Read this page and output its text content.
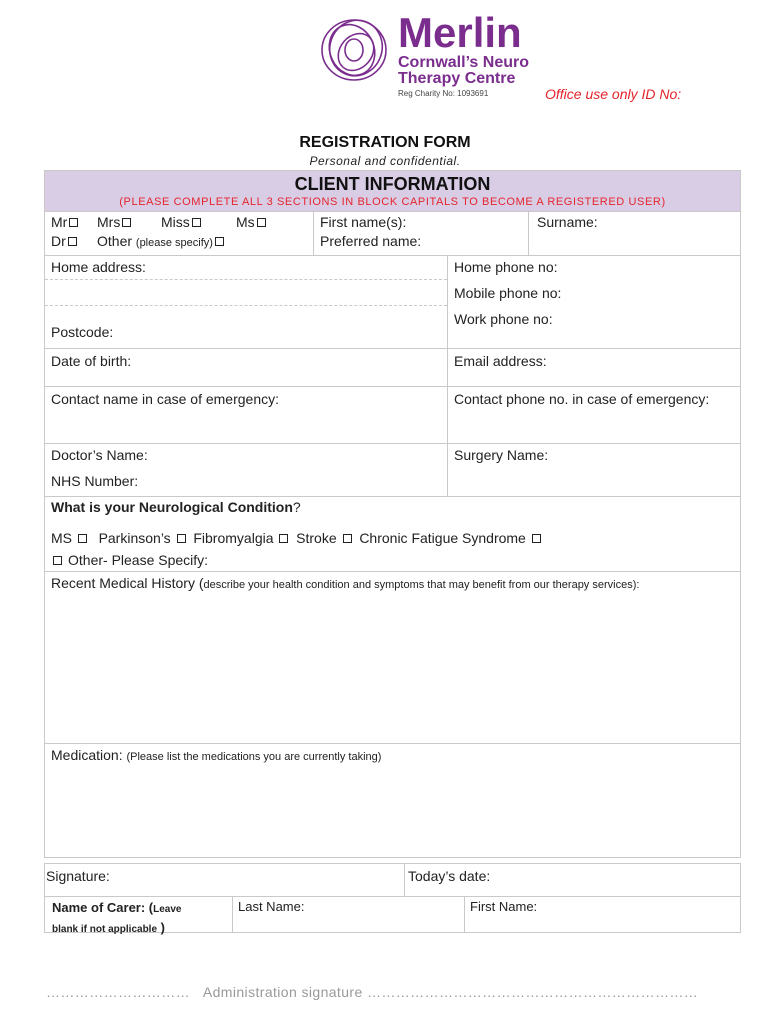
Merlin
Cornwall’s Neuro
Therapy Centre
Reg Charity No: 1093691	Office use only ID No:
REGISTRATION FORM
Personal and confidential.
CLIENT INFORMATION
(PLEASE COMPLETE ALL 3 SECTIONS IN BLOCK CAPITALS TO BECOME A REGISTERED USER)
Mr	Mrs	Miss	Ms
Dr	Other (please specify)
First name(s):
Preferred name:
Surname:
Home address:
Postcode:
Home phone no:
Mobile phone no:
Work phone no:
Date of birth:	Email address:
Contact name in case of emergency:	Contact phone no. in case of emergency:
Doctor’s Name:
NHS Number:
Surgery Name:
What is your Neurological Condition?
MS Parkinson’s Fibromyalgia Stroke Chronic Fatigue Syndrome
Other- Please Specify:
Recent Medical History (describe your health condition and symptoms that may benefit from our therapy services):
Medication: (Please list the medications you are currently taking)
Signature:	Today’s date:
Name of Carer: (Leave
blank if not applicable )
Last Name:	First Name:
………………………… Administration signature ……………………………………………………………
